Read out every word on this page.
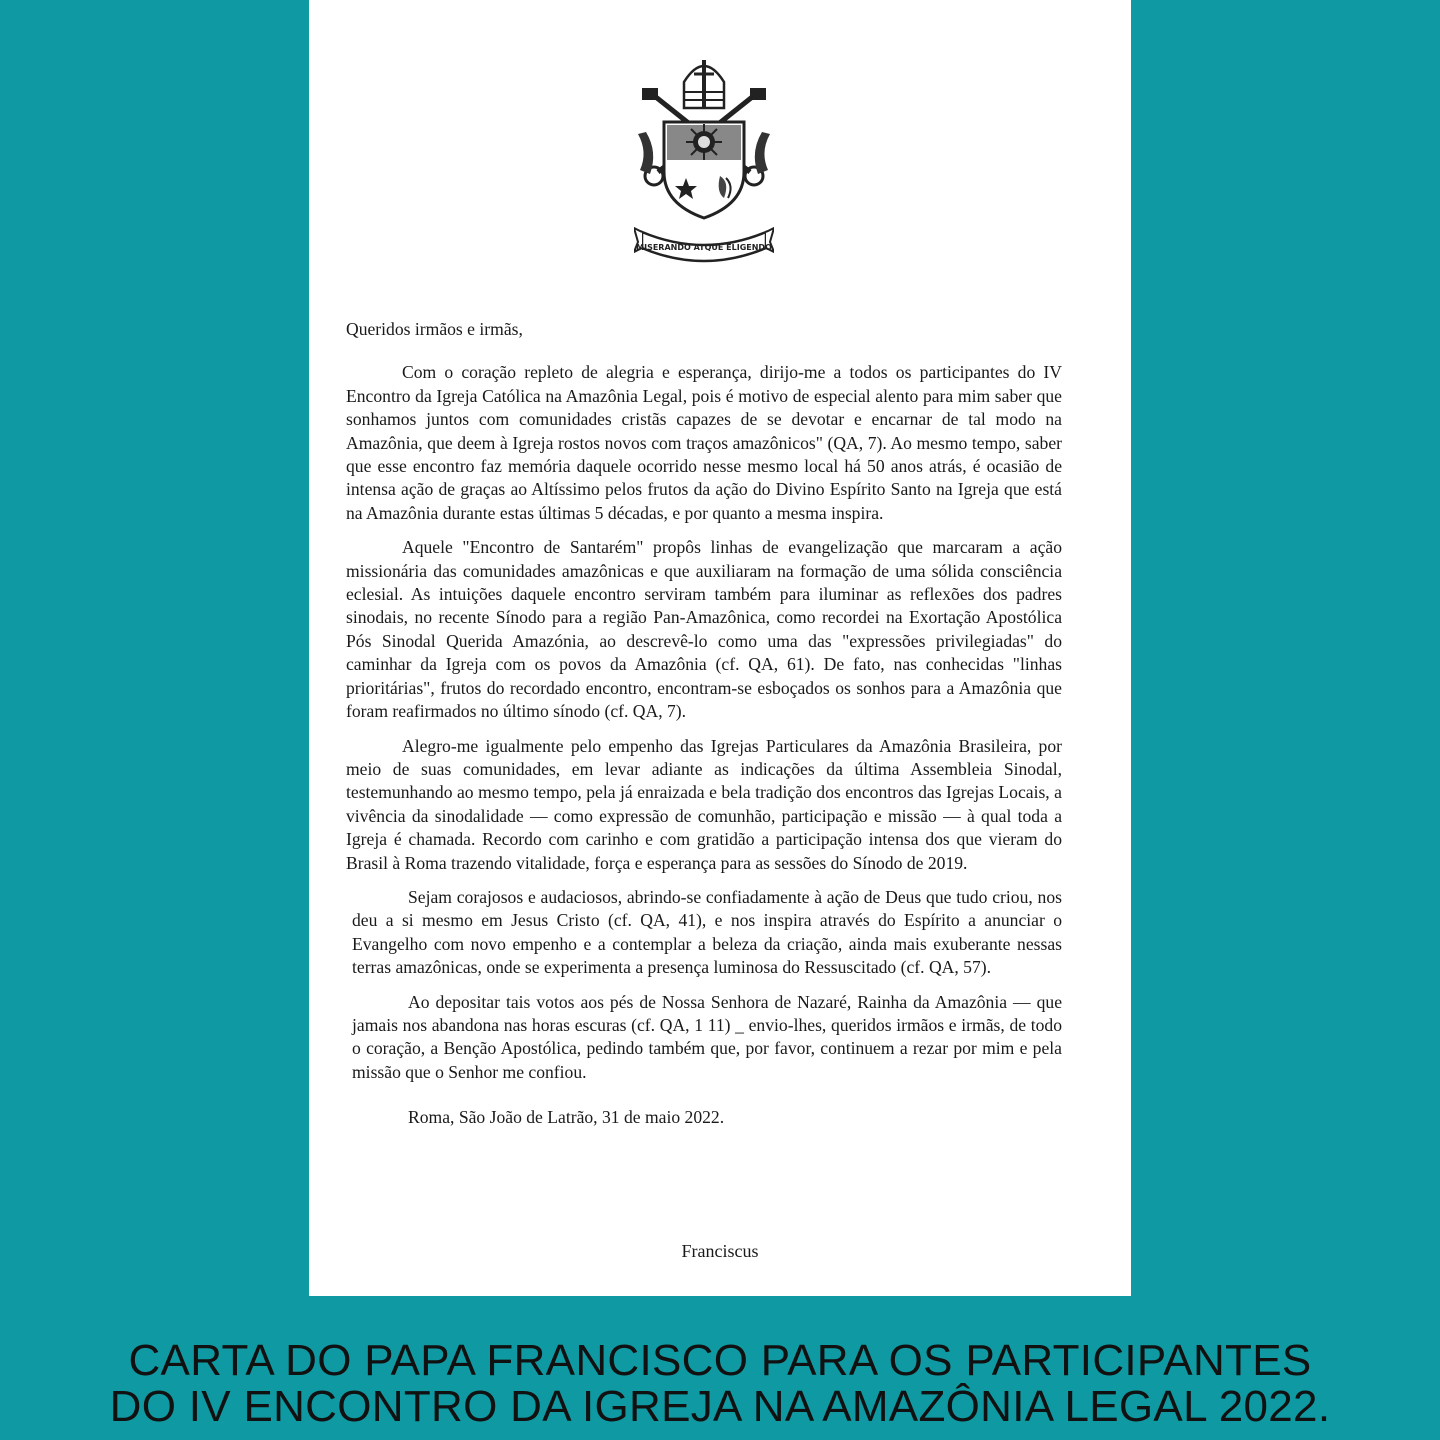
MISERANDO ATQUE ELIGENDO

Queridos irmãos e irmãs,

Com o coração repleto de alegria e esperança, dirijo-me a todos os participantes do IV Encontro da Igreja Católica na Amazônia Legal, pois é motivo de especial alento para mim saber que sonhamos juntos com comunidades cristãs capazes de se devotar e encarnar de tal modo na Amazônia, que deem à Igreja rostos novos com traços amazônicos" (QA, 7). Ao mesmo tempo, saber que esse encontro faz memória daquele ocorrido nesse mesmo local há 50 anos atrás, é ocasião de intensa ação de graças ao Altíssimo pelos frutos da ação do Divino Espírito Santo na Igreja que está na Amazônia durante estas últimas 5 décadas, e por quanto a mesma inspira.

Aquele "Encontro de Santarém" propôs linhas de evangelização que marcaram a ação missionária das comunidades amazônicas e que auxiliaram na formação de uma sólida consciência eclesial. As intuições daquele encontro serviram também para iluminar as reflexões dos padres sinodais, no recente Sínodo para a região Pan-Amazônica, como recordei na Exortação Apostólica Pós Sinodal Querida Amazónia, ao descrevê-lo como uma das "expressões privilegiadas" do caminhar da Igreja com os povos da Amazônia (cf. QA, 61). De fato, nas conhecidas "linhas prioritárias", frutos do recordado encontro, encontram-se esboçados os sonhos para a Amazônia que foram reafirmados no último sínodo (cf. QA, 7).

Alegro-me igualmente pelo empenho das Igrejas Particulares da Amazônia Brasileira, por meio de suas comunidades, em levar adiante as indicações da última Assembleia Sinodal, testemunhando ao mesmo tempo, pela já enraizada e bela tradição dos encontros das Igrejas Locais, a vivência da sinodalidade — como expressão de comunhão, participação e missão — à qual toda a Igreja é chamada. Recordo com carinho e com gratidão a participação intensa dos que vieram do Brasil à Roma trazendo vitalidade, força e esperança para as sessões do Sínodo de 2019.

Sejam corajosos e audaciosos, abrindo-se confiadamente à ação de Deus que tudo criou, nos deu a si mesmo em Jesus Cristo (cf. QA, 41), e nos inspira através do Espírito a anunciar o Evangelho com novo empenho e a contemplar a beleza da criação, ainda mais exuberante nessas terras amazônicas, onde se experimenta a presença luminosa do Ressuscitado (cf. QA, 57).

Ao depositar tais votos aos pés de Nossa Senhora de Nazaré, Rainha da Amazônia — que jamais nos abandona nas horas escuras (cf. QA, 1 11) _ envio-lhes, queridos irmãos e irmãs, de todo o coração, a Benção Apostólica, pedindo também que, por favor, continuem a rezar por mim e pela missão que o Senhor me confiou.

Roma, São João de Latrão, 31 de maio 2022.

Franciscus
CARTA DO PAPA FRANCISCO PARA OS PARTICIPANTES
DO IV ENCONTRO DA IGREJA NA AMAZÔNIA LEGAL 2022.
